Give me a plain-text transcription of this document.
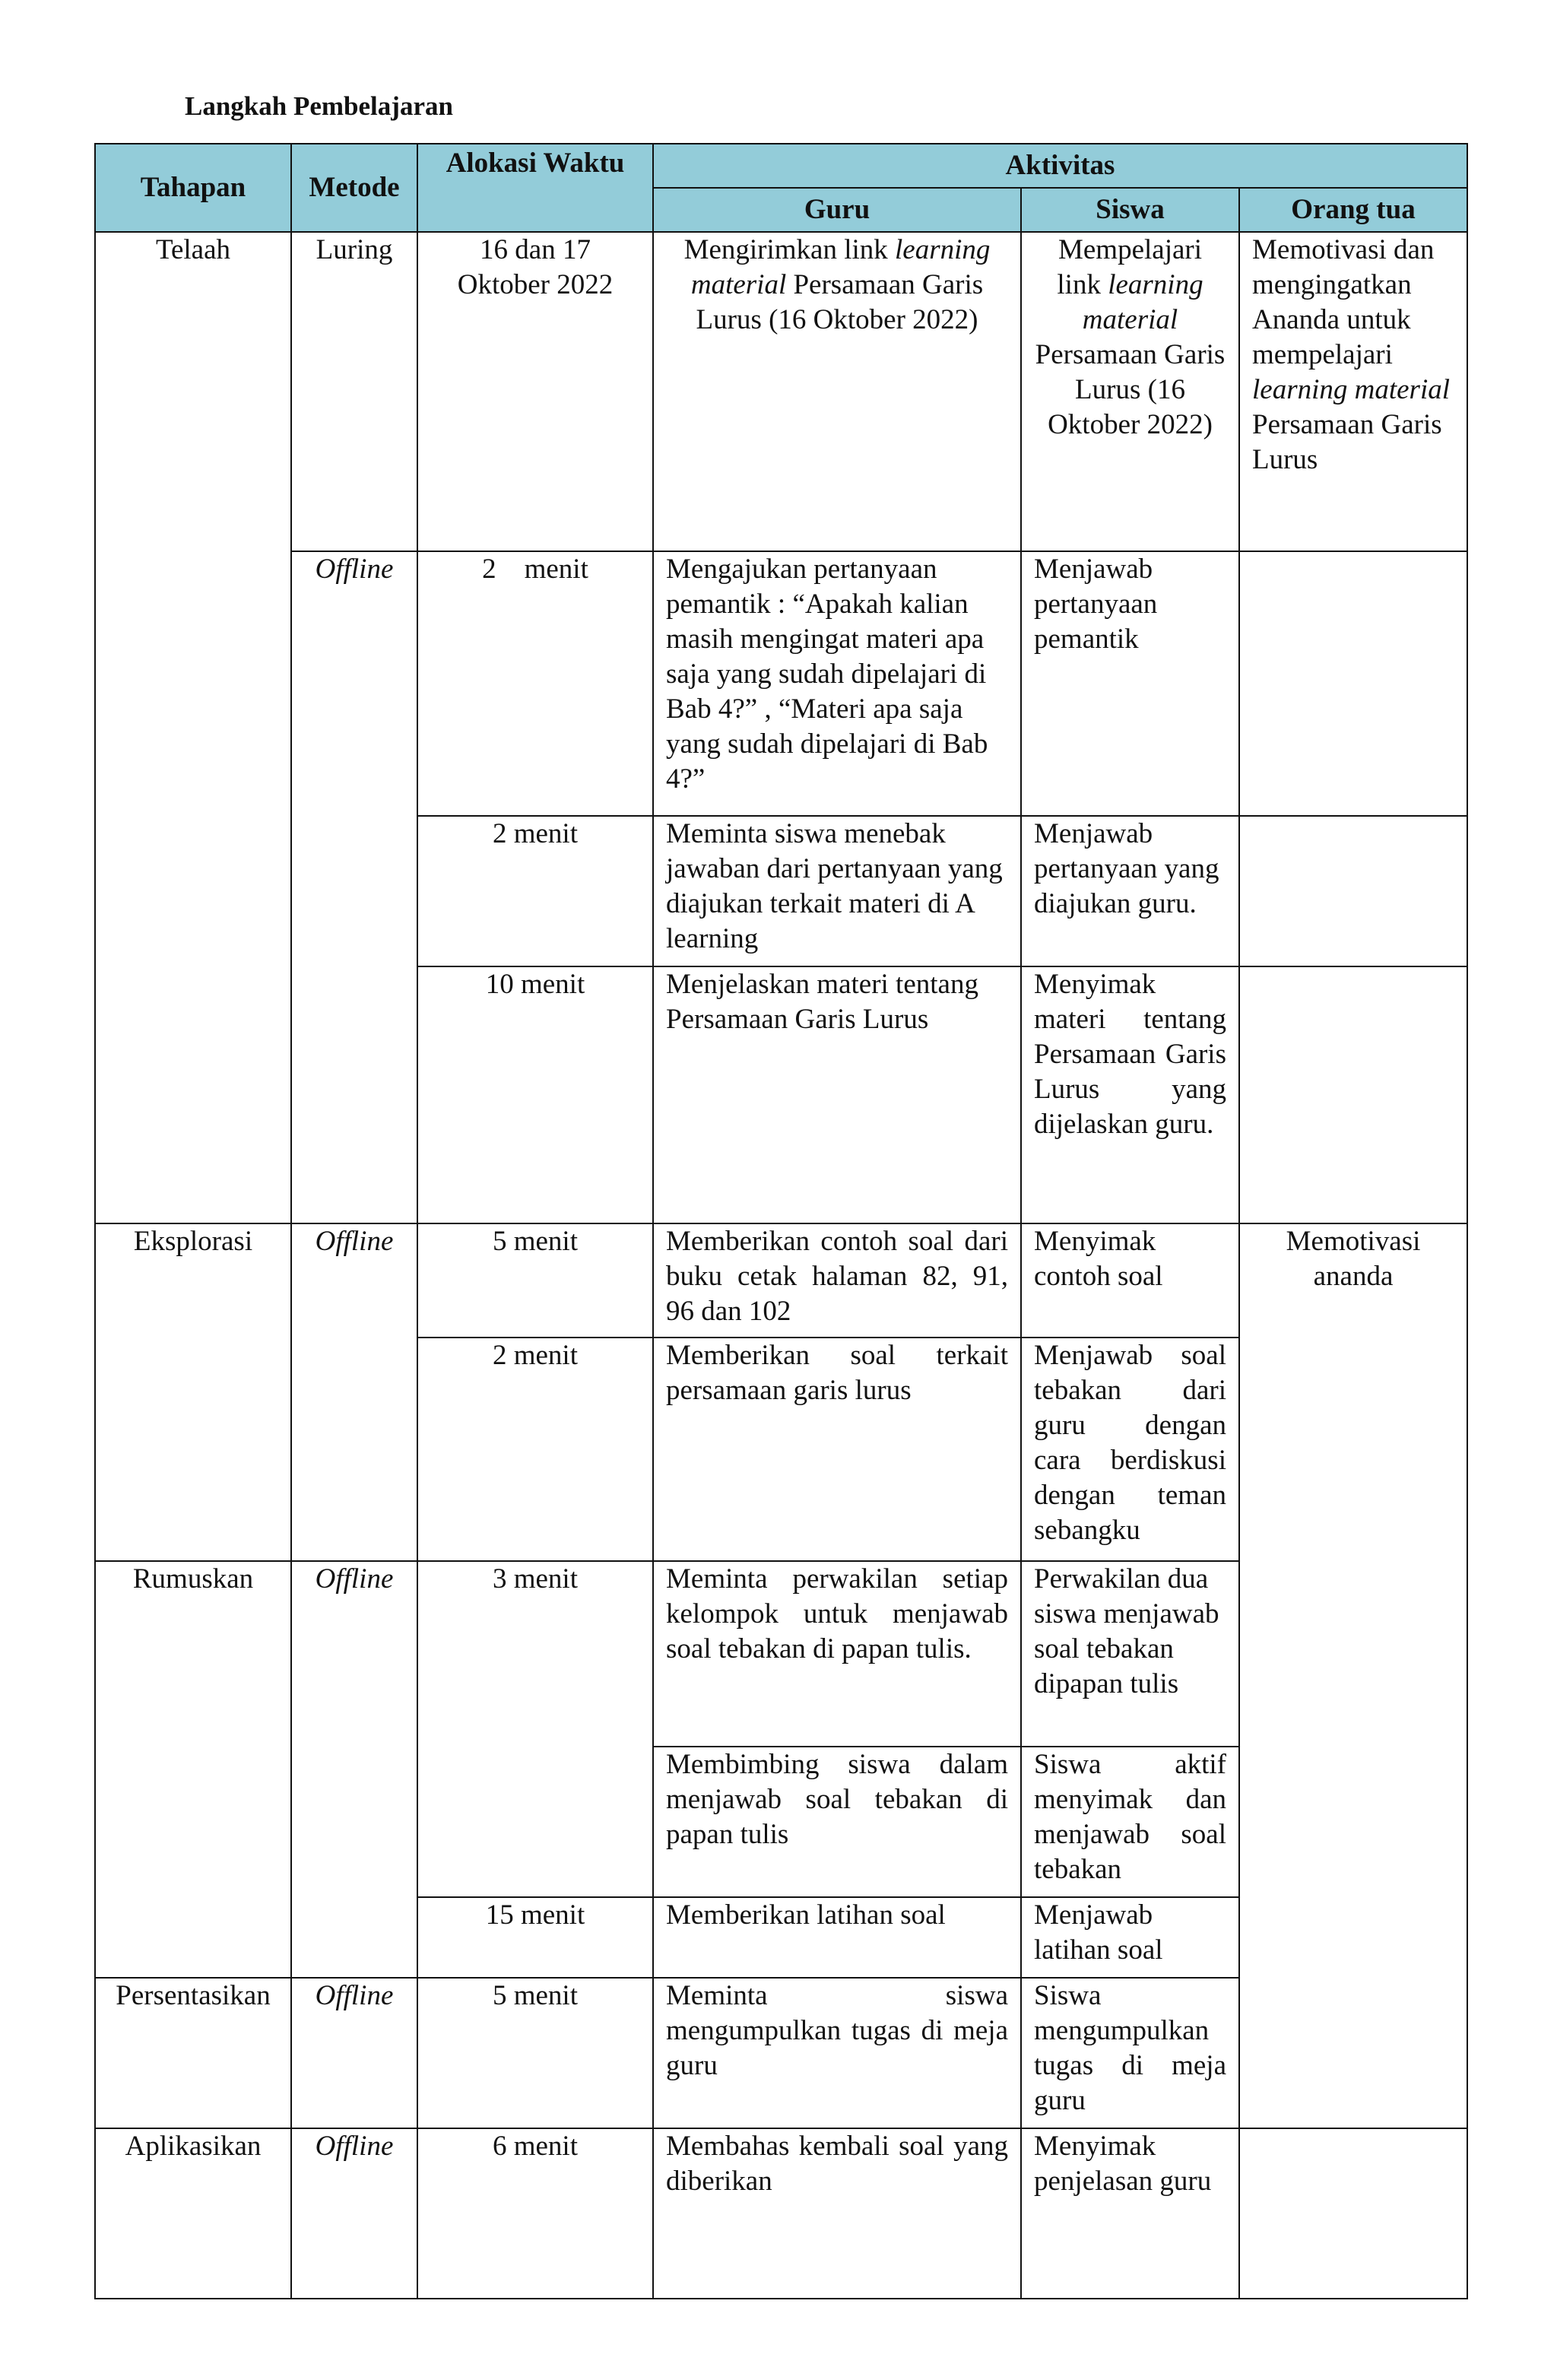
Langkah Pembelajaran
Tahapan	Metode	Alokasi Waktu	Aktivitas		
			Guru	Siswa	Orang tua
Telaah	Luring	16 dan 17 Oktober 2022	Mengirimkan link learning material Persamaan Garis Lurus (16 Oktober 2022)	Mempelajari link learning material Persamaan Garis Lurus (16 Oktober 2022)	Memotivasi dan mengingatkan Ananda untuk mempelajari learning material Persamaan Garis Lurus
	Offline	2    menit	Mengajukan pertanyaan pemantik : “Apakah kalian masih mengingat materi apa saja yang sudah dipelajari di Bab 4?” , “Materi apa saja yang sudah dipelajari di Bab 4?”	Menjawab pertanyaan pemantik	
		2 menit	Meminta siswa menebak jawaban dari pertanyaan yang diajukan terkait materi di A learning	Menjawab pertanyaan yang diajukan guru.	
		10 menit	Menjelaskan materi tentang Persamaan Garis Lurus	Menyimak materi tentang Persamaan Garis Lurus yang dijelaskan guru.	
Eksplorasi	Offline	5 menit	Memberikan contoh soal dari buku cetak halaman 82, 91, 96 dan 102	Menyimak contoh soal	Memotivasi ananda
		2 menit	Memberikan soal terkait persamaan garis lurus	Menjawab soal tebakan dari guru dengan cara berdiskusi dengan teman sebangku	
Rumuskan	Offline	3 menit	Meminta perwakilan setiap kelompok untuk menjawab soal tebakan di papan tulis.	Perwakilan dua siswa menjawab soal tebakan dipapan tulis	
			Membimbing siswa dalam menjawab soal tebakan di papan tulis	Siswa aktif menyimak dan menjawab soal tebakan	
		15 menit	Memberikan latihan soal	Menjawab latihan soal	
Persentasikan	Offline	5 menit	Meminta siswa mengumpulkan tugas di meja guru	Siswa mengumpulkan tugas di meja guru	
Aplikasikan	Offline	6 menit	Membahas kembali soal yang diberikan	Menyimak penjelasan guru	
